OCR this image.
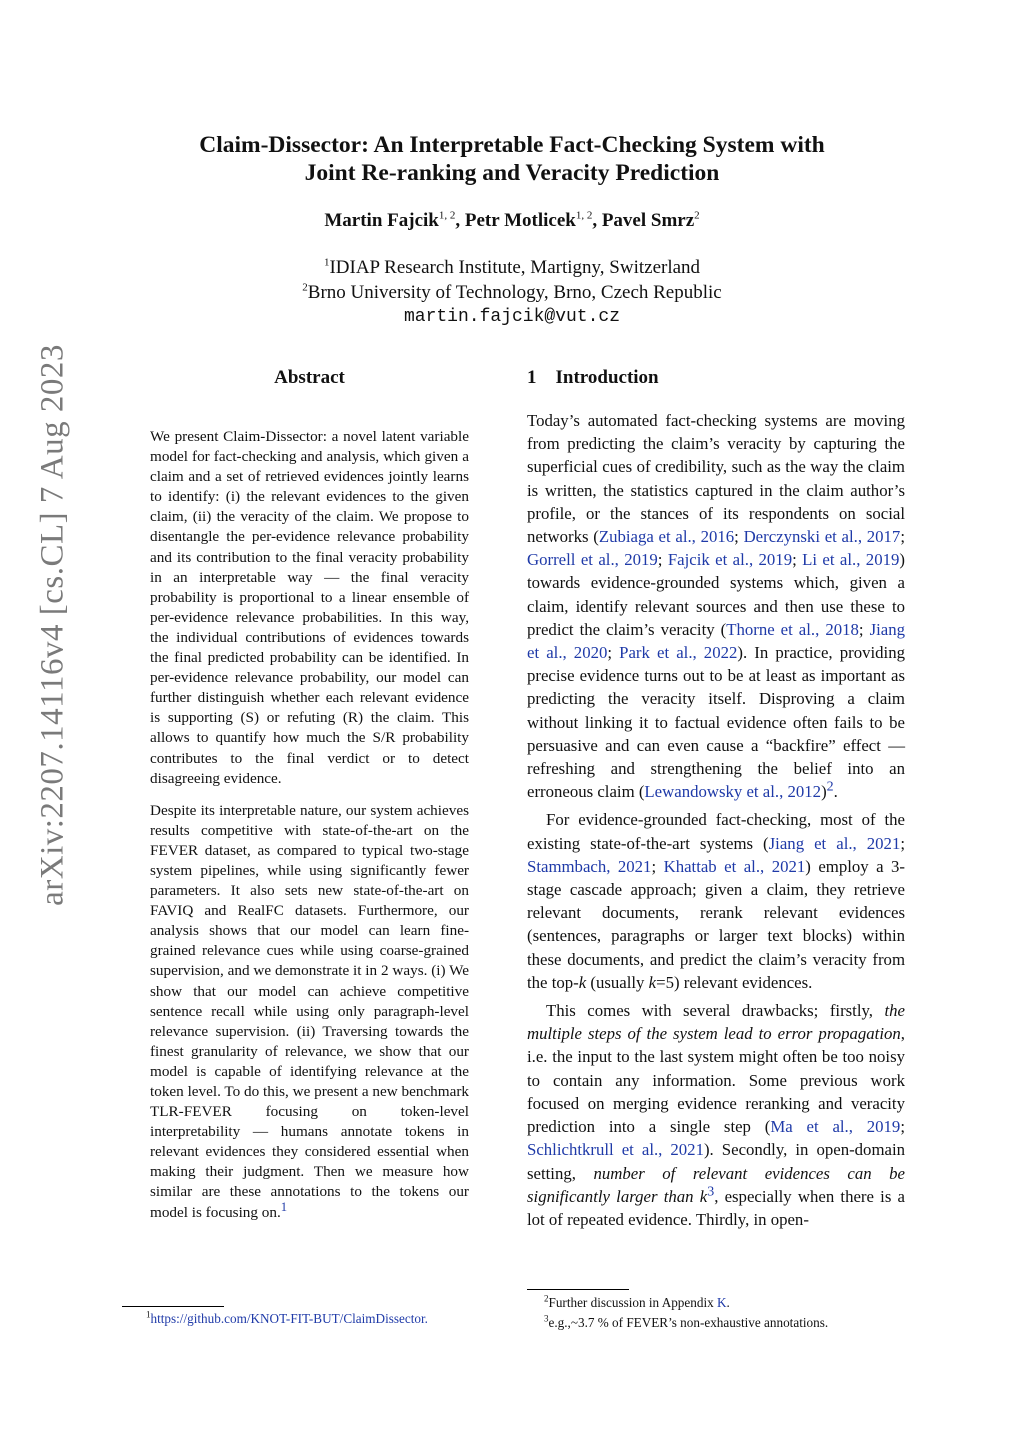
arXiv:2207.14116v4 [cs.CL] 7 Aug 2023
Claim-Dissector: An Interpretable Fact-Checking System with
Joint Re-ranking and Veracity Prediction
Martin Fajcik$^{1, 2}$, Petr Motlicek$^{1, 2}$, Pavel Smrz$^2$
$^1$IDIAP Research Institute, Martigny, Switzerland
$^2$Brno University of Technology, Brno, Czech Republic
martin.fajcik@vut.cz
Abstract

We present Claim-Dissector: a novel latent variable model for fact-checking and analysis, which given a claim and a set of retrieved evidences jointly learns to identify: (i) the relevant evidences to the given claim, (ii) the veracity of the claim. We propose to disentangle the per-evidence relevance probability and its contribution to the final veracity probability in an interpretable way — the final veracity probability is proportional to a linear ensemble of per-evidence relevance probabilities. In this way, the individual contributions of evidences towards the final predicted probability can be identified. In per-evidence relevance probability, our model can further distinguish whether each relevant evidence is supporting (S) or refuting (R) the claim. This allows to quantify how much the S/R probability contributes to the final verdict or to detect disagreeing evidence.

Despite its interpretable nature, our system achieves results competitive with state-of-the-art on the FEVER dataset, as compared to typical two-stage system pipelines, while using significantly fewer parameters. It also sets new state-of-the-art on FAVIQ and RealFC datasets. Furthermore, our analysis shows that our model can learn fine-grained relevance cues while using coarse-grained supervision, and we demonstrate it in 2 ways. (i) We show that our model can achieve competitive sentence recall while using only paragraph-level relevance supervision. (ii) Traversing towards the finest granularity of relevance, we show that our model is capable of identifying relevance at the token level. To do this, we present a new benchmark TLR-FEVER focusing on token-level interpretability — humans annotate tokens in relevant evidences they considered essential when making their judgment. Then we measure how similar are these annotations to the tokens our model is focusing on.$^1$

1 Introduction

Today’s automated fact-checking systems are moving from predicting the claim’s veracity by capturing the superficial cues of credibility, such as the way the claim is written, the statistics captured in the claim author’s profile, or the stances of its respondents on social networks (Zubiaga et al., 2016; Derczynski et al., 2017; Gorrell et al., 2019; Fajcik et al., 2019; Li et al., 2019) towards evidence-grounded systems which, given a claim, identify relevant sources and then use these to predict the claim’s veracity (Thorne et al., 2018; Jiang et al., 2020; Park et al., 2022). In practice, providing precise evidence turns out to be at least as important as predicting the veracity itself. Disproving a claim without linking it to factual evidence often fails to be persuasive and can even cause a “backfire” effect — refreshing and strengthening the belief into an erroneous claim (Lewandowsky et al., 2012)$^2$.

For evidence-grounded fact-checking, most of the existing state-of-the-art systems (Jiang et al., 2021; Stammbach, 2021; Khattab et al., 2021) employ a 3-stage cascade approach; given a claim, they retrieve relevant documents, rerank relevant evidences (sentences, paragraphs or larger text blocks) within these documents, and predict the claim’s veracity from the top-k (usually k=5) relevant evidences.

This comes with several drawbacks; firstly, the multiple steps of the system lead to error propagation, i.e. the input to the last system might often be too noisy to contain any information. Some previous work focused on merging evidence reranking and veracity prediction into a single step (Ma et al., 2019; Schlichtkrull et al., 2021). Secondly, in open-domain setting, number of relevant evidences can be significantly larger than k$^3$, especially when there is a lot of repeated evidence. Thirdly, in open-

$^1$https://github.com/KNOT-FIT-BUT/ClaimDissector.
$^2$Further discussion in Appendix K.
$^3$e.g.,~3.7 % of FEVER’s non-exhaustive annotations.
